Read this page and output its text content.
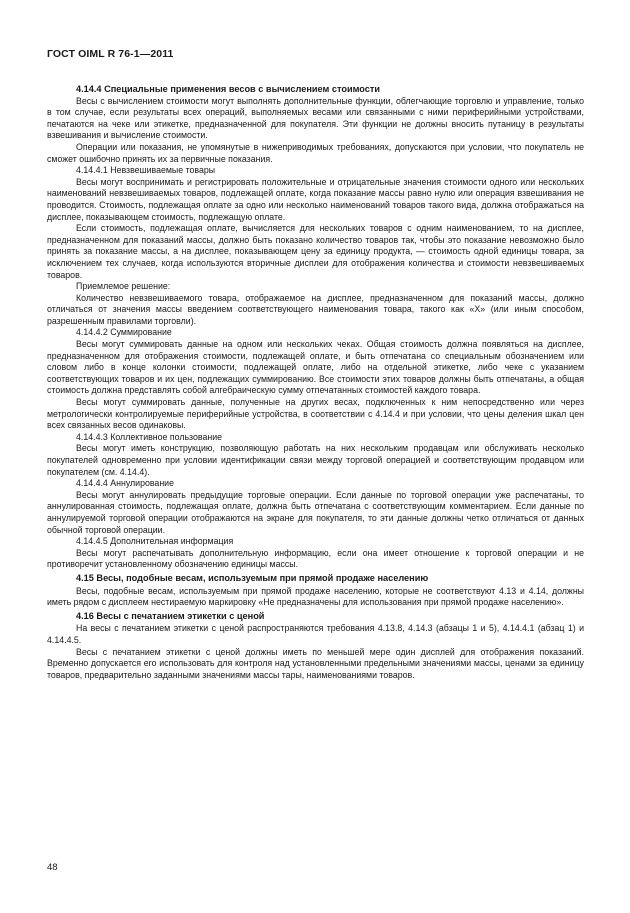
ГОСТ OIML R 76-1—2011

4.14.4 Специальные применения весов с вычислением стоимости

Весы с вычислением стоимости могут выполнять дополнительные функции, облегчающие торговлю и управление, только в том случае, если результаты всех операций, выполняемых весами или связанными с ними периферийными устройствами, печатаются на чеке или этикетке, предназначенной для покупателя. Эти функции не должны вносить путаницу в результаты взвешивания и вычисление стоимости.

Операции или показания, не упомянутые в нижеприводимых требованиях, допускаются при условии, что покупатель не сможет ошибочно принять их за первичные показания.

4.14.4.1 Невзвешиваемые товары

Весы могут воспринимать и регистрировать положительные и отрицательные значения стоимости одного или нескольких наименований невзвешиваемых товаров, подлежащей оплате, когда показание массы равно нулю или операция взвешивания не проводится. Стоимость, подлежащая оплате за одно или несколько наименований товаров такого вида, должна отображаться на дисплее, показывающем стоимость, подлежащую оплате.

Если стоимость, подлежащая оплате, вычисляется для нескольких товаров с одним наименованием, то на дисплее, предназначенном для показаний массы, должно быть показано количество товаров так, чтобы это показание невозможно было принять за показание массы, а на дисплее, показывающем цену за единицу продукта, — стоимость одной единицы товара, за исключением тех случаев, когда используются вторичные дисплеи для отображения количества и стоимости невзвешиваемых товаров.

Приемлемое решение:

Количество невзвешиваемого товара, отображаемое на дисплее, предназначенном для показаний массы, должно отличаться от значения массы введением соответствующего наименования товара, такого как «X» (или иным способом, разрешенным правилами торговли).

4.14.4.2 Суммирование

Весы могут суммировать данные на одном или нескольких чеках. Общая стоимость должна появляться на дисплее, предназначенном для отображения стоимости, подлежащей оплате, и быть отпечатана со специальным обозначением или словом либо в конце колонки стоимости, подлежащей оплате, либо на отдельной этикетке, либо чеке с указанием соответствующих товаров и их цен, подлежащих суммированию. Все стоимости этих товаров должны быть отпечатаны, а общая стоимость должна представлять собой алгебраическую сумму отпечатанных стоимостей каждого товара.

Весы могут суммировать данные, полученные на других весах, подключенных к ним непосредственно или через метрологически контролируемые периферийные устройства, в соответствии с 4.14.4 и при условии, что цены деления шкал цен всех связанных весов одинаковы.

4.14.4.3 Коллективное пользование

Весы могут иметь конструкцию, позволяющую работать на них нескольким продавцам или обслуживать несколько покупателей одновременно при условии идентификации связи между торговой операцией и соответствующим продавцом или покупателем (см. 4.14.4).

4.14.4.4 Аннулирование

Весы могут аннулировать предыдущие торговые операции. Если данные по торговой операции уже распечатаны, то аннулированная стоимость, подлежащая оплате, должна быть отпечатана с соответствующим комментарием. Если данные по аннулируемой торговой операции отображаются на экране для покупателя, то эти данные должны четко отличаться от данных обычной торговой операции.

4.14.4.5 Дополнительная информация

Весы могут распечатывать дополнительную информацию, если она имеет отношение к торговой операции и не противоречит установленному обозначению единицы массы.

4.15 Весы, подобные весам, используемым при прямой продаже населению

Весы, подобные весам, используемым при прямой продаже населению, которые не соответствуют 4.13 и 4.14, должны иметь рядом с дисплеем нестираемую маркировку «Не предназначены для использования при прямой продаже населению».

4.16 Весы с печатанием этикетки с ценой

На весы с печатанием этикетки с ценой распространяются требования 4.13.8, 4.14.3 (абзацы 1 и 5), 4.14.4.1 (абзац 1) и 4.14.4.5.

Весы с печатанием этикетки с ценой должны иметь по меньшей мере один дисплей для отображения показаний. Временно допускается его использовать для контроля над установленными предельными значениями массы, ценами за единицу товаров, предварительно заданными значениями массы тары, наименованиями товаров.

48
